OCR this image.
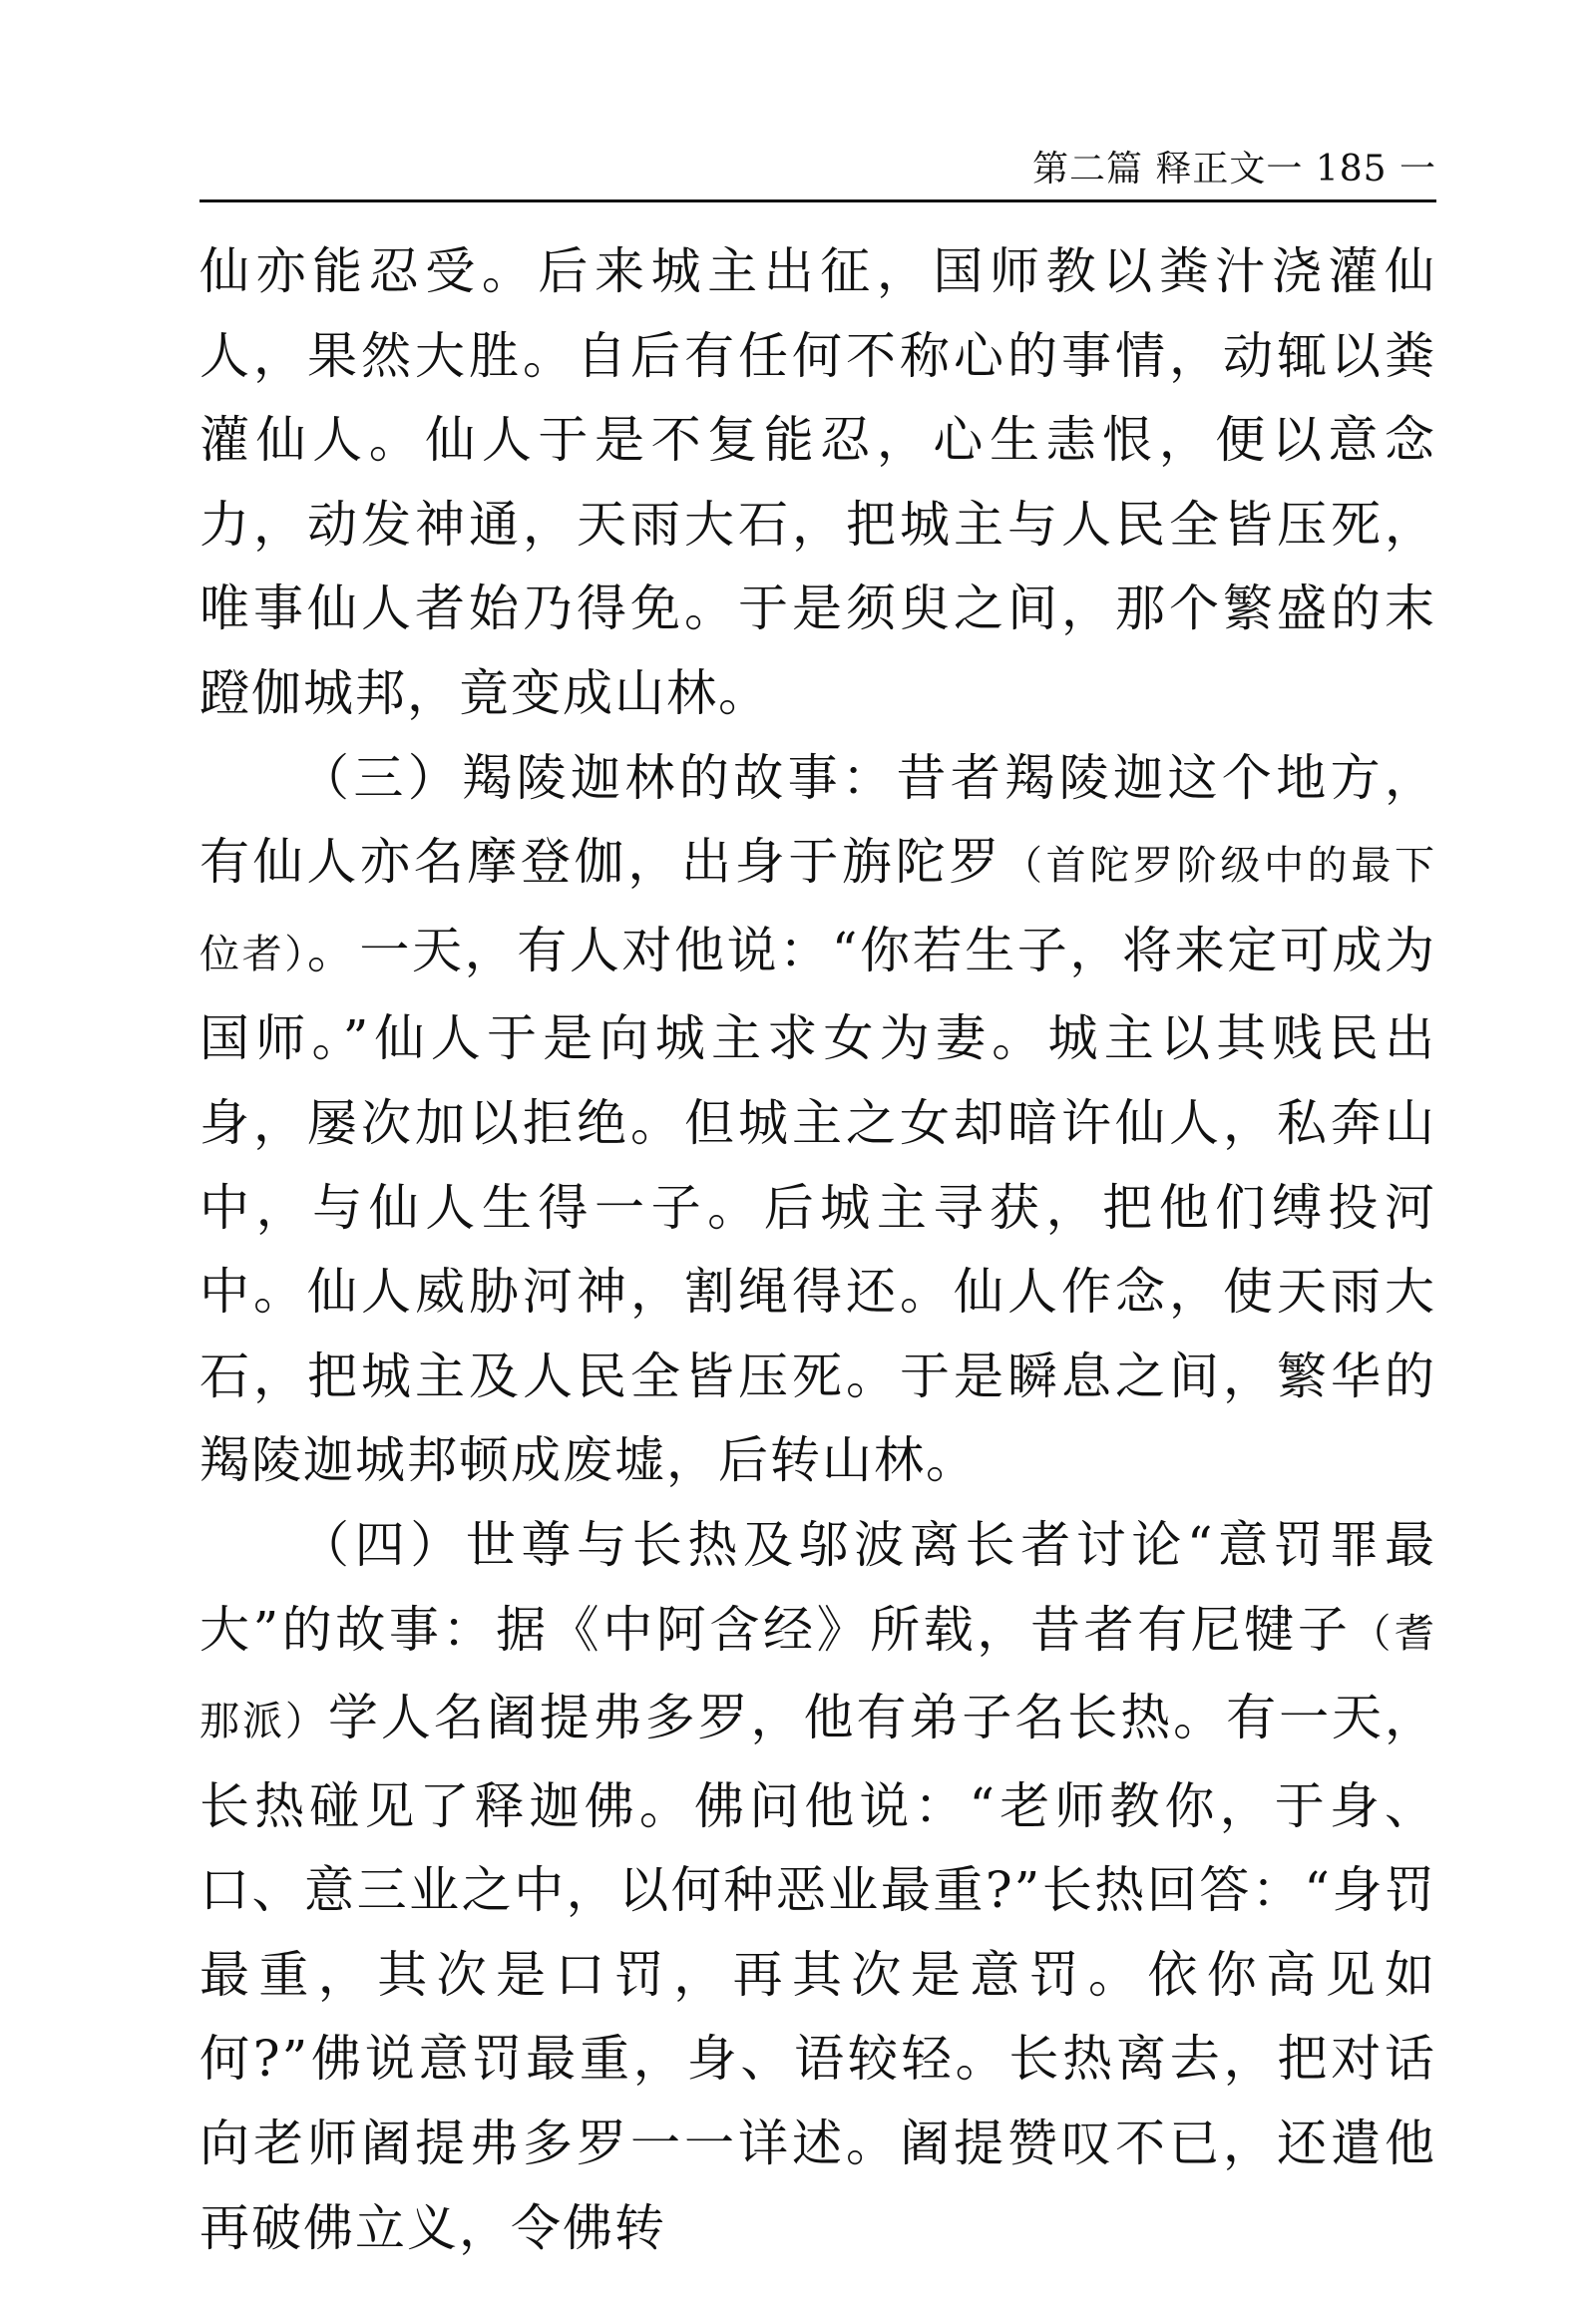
第二篇 释正文一 185 一

仙亦能忍受。后来城主出征，国师教以粪汁浇灌仙人，果然大胜。自后有任何不称心的事情，动辄以粪灌仙人。仙人于是不复能忍，心生恚恨，便以意念力，动发神通，天雨大石，把城主与人民全皆压死，唯事仙人者始乃得免。于是须臾之间，那个繁盛的末蹬伽城邦，竟变成山林。

（三）羯陵迦林的故事：昔者羯陵迦这个地方，有仙人亦名摩登伽，出身于旃陀罗（首陀罗阶级中的最下位者）。一天，有人对他说：“你若生子，将来定可成为国师。”仙人于是向城主求女为妻。城主以其贱民出身，屡次加以拒绝。但城主之女却暗许仙人，私奔山中，与仙人生得一子。后城主寻获，把他们缚投河中。仙人威胁河神，割绳得还。仙人作念，使天雨大石，把城主及人民全皆压死。于是瞬息之间，繁华的羯陵迦城邦顿成废墟，后转山林。

（四）世尊与长热及邬波离长者讨论“意罚罪最大”的故事：据《中阿含经》所载，昔者有尼犍子（耆那派）学人名阇提弗多罗，他有弟子名长热。有一天，长热碰见了释迦佛。佛问他说：“老师教你，于身、口、意三业之中，以何种恶业最重?”长热回答：“身罚最重，其次是口罚，再其次是意罚。依你高见如何?”佛说意罚最重，身、语较轻。长热离去，把对话向老师阇提弗多罗一一详述。阇提赞叹不已，还遣他再破佛立义，令佛转
